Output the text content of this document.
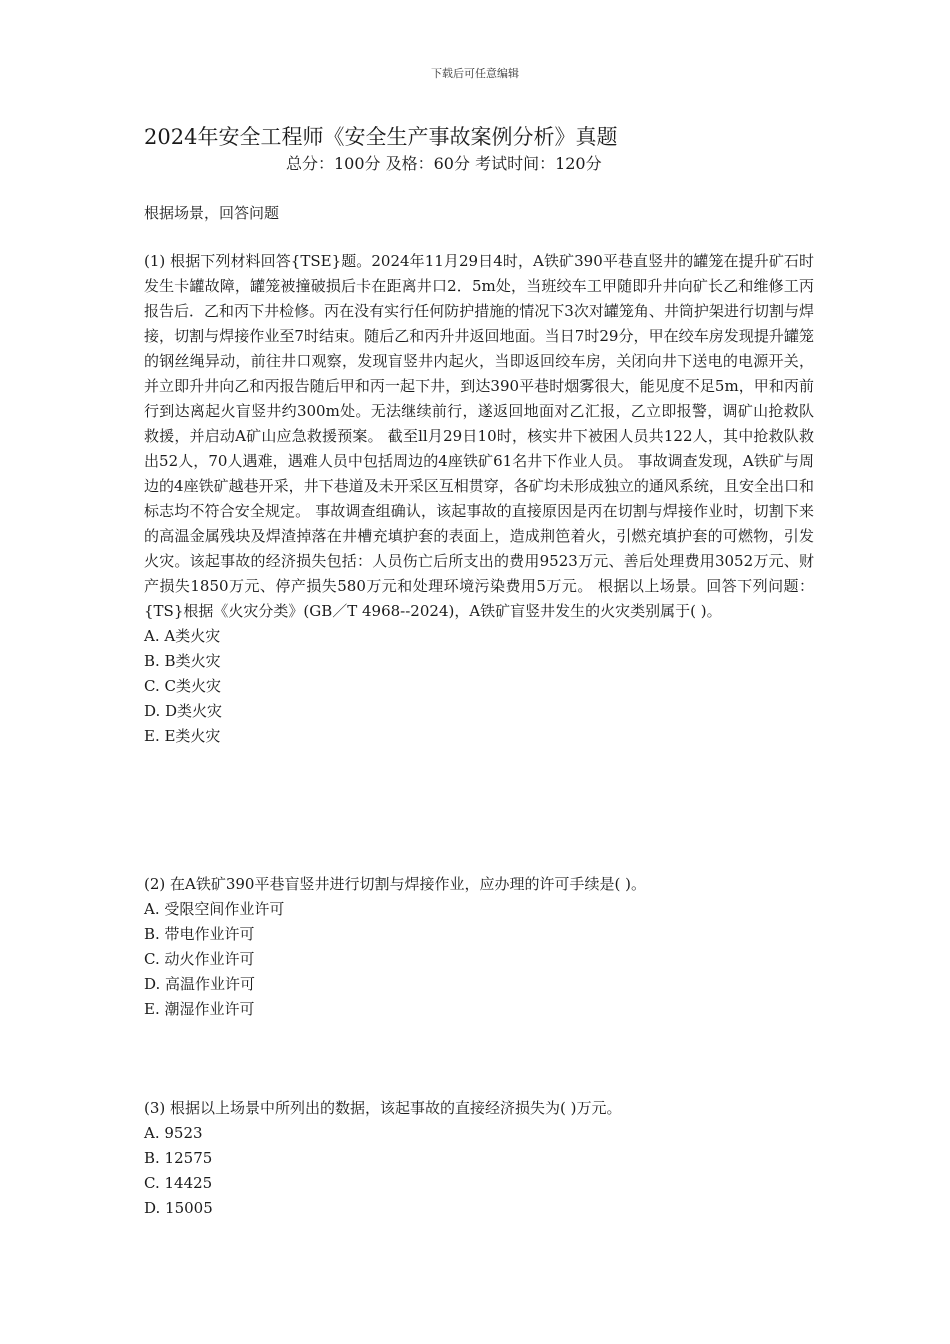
下载后可任意编辑
2024年安全工程师《安全生产事故案例分析》真题
总分：100分 及格：60分 考试时间：120分
根据场景，回答问题

(1) 根据下列材料回答{TSE}题。2024年11月29日4时，A铁矿390平巷直竖井的罐笼在提升矿石时发生卡罐故障，罐笼被撞破损后卡在距离井口2．5m处，当班绞车工甲随即升井向矿长乙和维修工丙报告后．乙和丙下井检修。丙在没有实行任何防护措施的情况下3次对罐笼角、井筒护架进行切割与焊接，切割与焊接作业至7时结束。随后乙和丙升井返回地面。当日7时29分，甲在绞车房发现提升罐笼的钢丝绳异动，前往井口观察，发现盲竖井内起火，当即返回绞车房，关闭向井下送电的电源开关，并立即升井向乙和丙报告随后甲和丙一起下井，到达390平巷时烟雾很大，能见度不足5m，甲和丙前行到达离起火盲竖井约300m处。无法继续前行，遂返回地面对乙汇报，乙立即报警，调矿山抢救队救援，并启动A矿山应急救援预案。 截至ll月29日10时，核实井下被困人员共122人，其中抢救队救出52人，70人遇难，遇难人员中包括周边的4座铁矿61名井下作业人员。 事故调查发现，A铁矿与周边的4座铁矿越巷开采，井下巷道及未开采区互相贯穿，各矿均未形成独立的通风系统，且安全出口和标志均不符合安全规定。 事故调查组确认，该起事故的直接原因是丙在切割与焊接作业时，切割下来的高温金属残块及焊渣掉落在井槽充填护套的表面上，造成荆笆着火，引燃充填护套的可燃物，引发火灾。该起事故的经济损失包括：人员伤亡后所支出的费用9523万元、善后处理费用3052万元、财产损失1850万元、停产损失580万元和处理环境污染费用5万元。 根据以上场景。回答下列问题： {TS}根据《火灾分类》(GB／T 4968--2024)，A铁矿盲竖井发生的火灾类别属于( )。

A. A类火灾
B. B类火灾
C. C类火灾
D. D类火灾
E. E类火灾

(2) 在A铁矿390平巷盲竖井进行切割与焊接作业，应办理的许可手续是( )。

A. 受限空间作业许可
B. 带电作业许可
C. 动火作业许可
D. 高温作业许可
E. 潮湿作业许可

(3) 根据以上场景中所列出的数据，该起事故的直接经济损失为( )万元。

A. 9523
B. 12575
C. 14425
D. 15005
